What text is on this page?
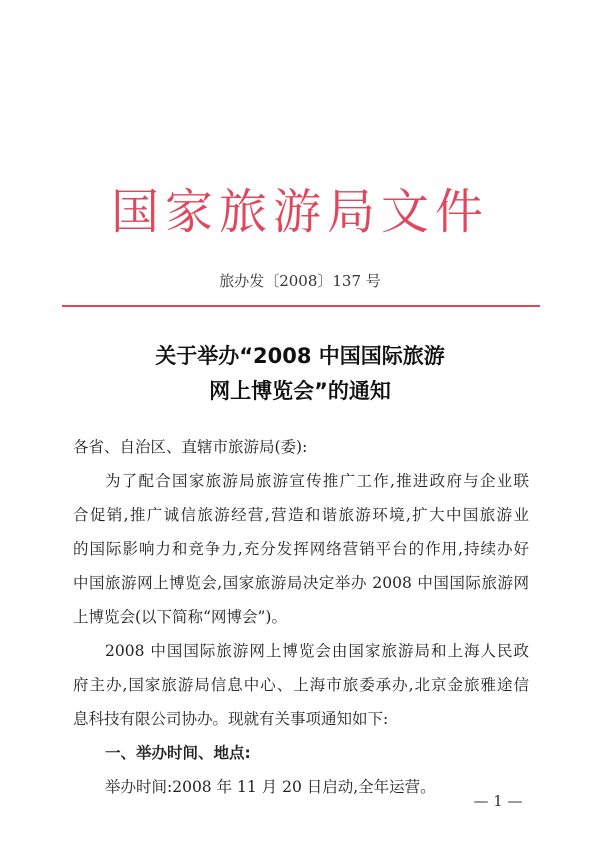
国家旅游局文件
旅办发〔2008〕137 号
关于举办“2008 中国国际旅游
网上博览会”的通知
各省、自治区、直辖市旅游局(委):
为了配合国家旅游局旅游宣传推广工作,推进政府与企业联
合促销,推广诚信旅游经营,营造和谐旅游环境,扩大中国旅游业
的国际影响力和竞争力,充分发挥网络营销平台的作用,持续办好
中国旅游网上博览会,国家旅游局决定举办 2008 中国国际旅游网
上博览会(以下简称“网博会”)。
2008 中国国际旅游网上博览会由国家旅游局和上海人民政
府主办,国家旅游局信息中心、上海市旅委承办,北京金旅雅途信
息科技有限公司协办。现就有关事项通知如下:
一、举办时间、地点:
举办时间:2008 年 11 月 20 日启动,全年运营。
— 1 —
